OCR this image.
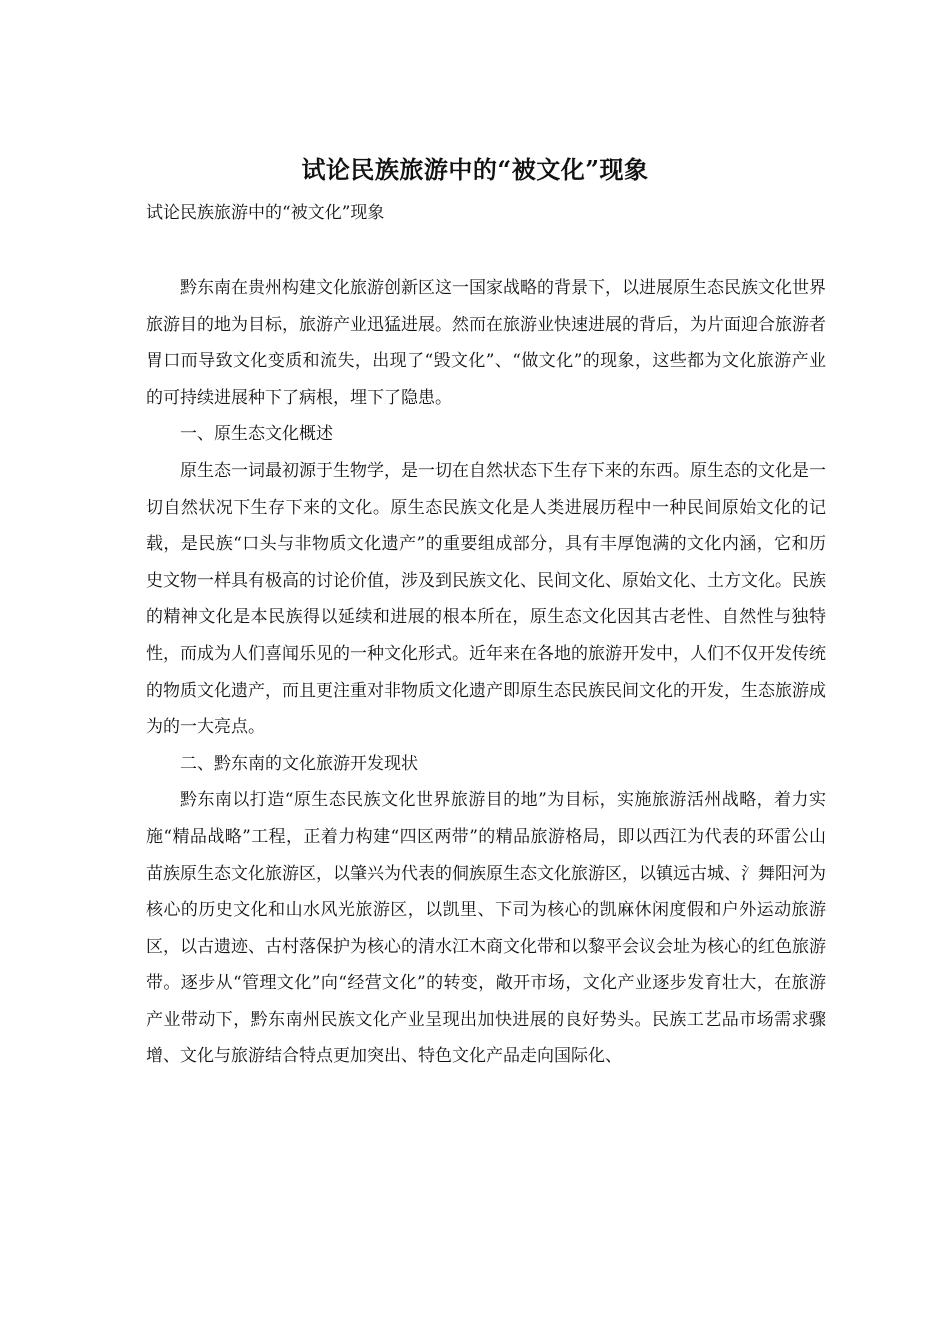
试论民族旅游中的“被文化”现象
试论民族旅游中的“被文化”现象

黔东南在贵州构建文化旅游创新区这一国家战略的背景下，以进展原生态民族文化世界旅游目的地为目标，旅游产业迅猛进展。然而在旅游业快速进展的背后，为片面迎合旅游者胃口而导致文化变质和流失，出现了“毁文化”、“做文化”的现象，这些都为文化旅游产业的可持续进展种下了病根，埋下了隐患。

一、原生态文化概述

原生态一词最初源于生物学，是一切在自然状态下生存下来的东西。原生态的文化是一切自然状况下生存下来的文化。原生态民族文化是人类进展历程中一种民间原始文化的记载，是民族“口头与非物质文化遗产”的重要组成部分，具有丰厚饱满的文化内涵，它和历史文物一样具有极高的讨论价值，涉及到民族文化、民间文化、原始文化、土方文化。民族的精神文化是本民族得以延续和进展的根本所在，原生态文化因其古老性、自然性与独特性，而成为人们喜闻乐见的一种文化形式。近年来在各地的旅游开发中，人们不仅开发传统的物质文化遗产，而且更注重对非物质文化遗产即原生态民族民间文化的开发，生态旅游成为的一大亮点。

二、黔东南的文化旅游开发现状

黔东南以打造“原生态民族文化世界旅游目的地”为目标，实施旅游活州战略，着力实施“精品战略”工程，正着力构建“四区两带”的精品旅游格局，即以西江为代表的环雷公山苗族原生态文化旅游区，以肇兴为代表的侗族原生态文化旅游区，以镇远古城、氵舞阳河为核心的历史文化和山水风光旅游区，以凯里、下司为核心的凯麻休闲度假和户外运动旅游区，以古遗迹、古村落保护为核心的清水江木商文化带和以黎平会议会址为核心的红色旅游带。逐步从“管理文化”向“经营文化”的转变，敞开市场，文化产业逐步发育壮大，在旅游产业带动下，黔东南州民族文化产业呈现出加快进展的良好势头。民族工艺品市场需求骤增、文化与旅游结合特点更加突出、特色文化产品走向国际化、
